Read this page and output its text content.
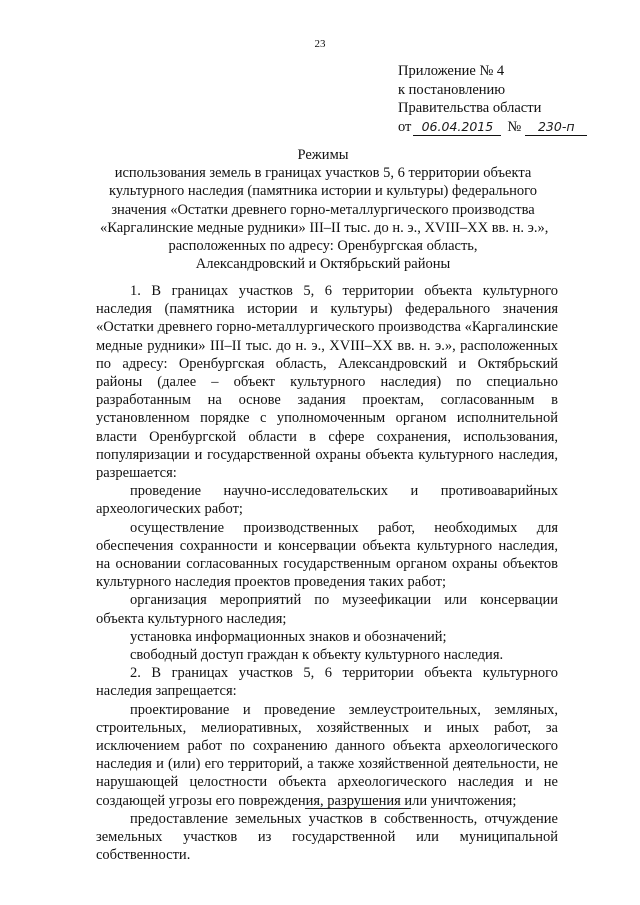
23
Приложение № 4
к постановлению
Правительства области
от 06.04.2015 № 230-п
Режимы
использования земель в границах участков 5, 6 территории объекта
культурного наследия (памятника истории и культуры) федерального
значения «Остатки древнего горно-металлургического производства
«Каргалинские медные рудники» III–II тыс. до н. э., XVIII–XX вв. н. э.»,
расположенных по адресу: Оренбургская область,
Александровский и Октябрьский районы

1. В границах участков 5, 6 территории объекта культурного наследия (памятника истории и культуры) федерального значения «Остатки древнего горно-металлургического производства «Каргалинские медные рудники» III–II тыс. до н. э., XVIII–XX вв. н. э.», расположенных по адресу: Оренбургская область, Александровский и Октябрьский районы (далее – объект культурного наследия) по специально разработанным на основе задания проектам, согласованным в установленном порядке с уполномоченным органом исполнительной власти Оренбургской области в сфере сохранения, использования, популяризации и государственной охраны объекта культурного наследия, разрешается:

проведение научно-исследовательских и противоаварийных археологических работ;

осуществление производственных работ, необходимых для обеспечения сохранности и консервации объекта культурного наследия, на основании согласованных государственным органом охраны объектов культурного наследия проектов проведения таких работ;

организация мероприятий по музеефикации или консервации объекта культурного наследия;

установка информационных знаков и обозначений;

свободный доступ граждан к объекту культурного наследия.

2. В границах участков 5, 6 территории объекта культурного наследия запрещается:

проектирование и проведение землеустроительных, земляных, строительных, мелиоративных, хозяйственных и иных работ, за исключением работ по сохранению данного объекта археологического наследия и (или) его территорий, а также хозяйственной деятельности, не нарушающей целостности объекта археологического наследия и не создающей угрозы его повреждения, разрушения или уничтожения;

предоставление земельных участков в собственность, отчуждение земельных участков из государственной или муниципальной собственности.
